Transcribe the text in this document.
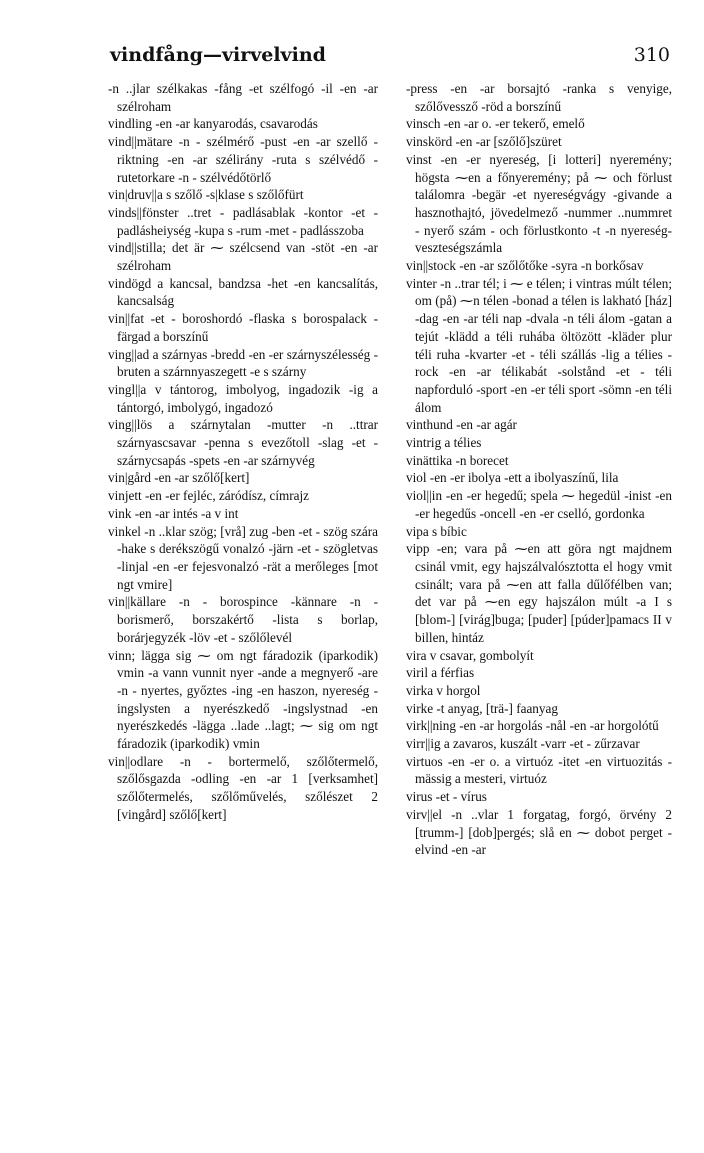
vindfång—virvelvind	310
-n ..jlar szélkakas -fång -et szélfogó -il -en -ar szélroham
vindling -en -ar kanyarodás, csavarodás
vind||mätare -n - szélmérő -pust -en -ar szellő -riktning -en -ar szélirány -ruta s szélvédő -rutetorkare -n - szélvédőtörlő
vin|druv||a s szőlő -s|klase s szőlőfürt
vinds||fönster ..tret - padlásablak -kontor -et - padlásheiység -kupa s -rum -met - padlásszoba
vind||stilla; det är ⁓ szélcsend van -stöt -en -ar szélroham
vindögd a kancsal, bandzsa -het -en kancsalítás, kancsalság
vin||fat -et - boroshordó -flaska s borospalack -färgad a borszínű
ving||ad a szárnyas -bredd -en -er szárnyszélesség -bruten a szárnnyaszegett -e s szárny
vingl||a v tántorog, imbolyog, ingadozik -ig a tántorgó, imbolygó, ingadozó
ving||lös a szárnytalan -mutter -n ..ttrar szárnyascsavar -penna s evezőtoll -slag -et - szárnycsapás -spets -en -ar szárnyvég
vin|gård -en -ar szőlő[kert]
vinjett -en -er fejléc, záródísz, címrajz
vink -en -ar intés -a v int
vinkel -n ..klar szög; [vrå] zug -ben -et - szög szára -hake s derékszögű vonalzó -järn -et - szögletvas -linjal -en -er fejesvonalzó -rät a merőleges [mot ngt vmire]
vin||källare -n - borospince -kännare -n - borismerő, borszakértő -lista s borlap, borárjegyzék -löv -et - szőlőlevél
vinn; lägga sig ⁓ om ngt fáradozik (iparkodik) vmin -a vann vunnit nyer -ande a megnyerő -are -n - nyertes, győztes -ing -en haszon, nyereség -ingslysten a nyerészkedő -ingslystnad -en nyerészkedés -lägga ..lade ..lagt; ⁓ sig om ngt fáradozik (iparkodik) vmin
vin||odlare -n - bortermelő, szőlőtermelő, szőlősgazda -odling -en -ar 1 [verksamhet] szőlőtermelés, szőlőművelés, szőlészet 2 [vingård] szőlő[kert]
-press -en -ar borsajtó -ranka s venyige, szőlővessző -röd a borszínű
vinsch -en -ar o. -er tekerő, emelő
vinskörd -en -ar [szőlő]szüret
vinst -en -er nyereség, [i lotteri] nyeremény; högsta ⁓en a főnyeremény; på ⁓ och förlust találomra -begär -et nyereségvágy -givande a hasznothajtó, jövedelmező -nummer ..nummret - nyerő szám - och förlustkonto -t -n nyereség-veszteségszámla
vin||stock -en -ar szőlőtőke -syra -n borkősav
vinter -n ..trar tél; i ⁓ e télen; i vintras múlt télen; om (på) ⁓n télen -bonad a télen is lakható [ház] -dag -en -ar téli nap -dvala -n téli álom -gatan a tejút -klädd a téli ruhába öltözött -kläder plur téli ruha -kvarter -et - téli szállás -lig a télies -rock -en -ar télikabát -solstånd -et - téli napforduló -sport -en -er téli sport -sömn -en téli álom
vinthund -en -ar agár
vintrig a télies
vinättika -n borecet
viol -en -er ibolya -ett a ibolyaszínű, lila
viol||in -en -er hegedű; spela ⁓ hegedül -inist -en -er hegedűs -oncell -en -er cselló, gordonka
vipa s bíbic
vipp -en; vara på ⁓en att göra ngt majdnem csinál vmit, egy hajszálvalósztotta el hogy vmit csinált; vara på ⁓en att falla dűlőfélben van; det var på ⁓en egy hajszálon múlt -a I s [blom-] [virág]buga; [puder] [púder]pamacs II v billen, hintáz
vira v csavar, gombolyít
viril a férfias
virka v horgol
virke -t anyag, [trä-] faanyag
virk||ning -en -ar horgolás -nål -en -ar horgolótű
virr||ig a zavaros, kuszált -varr -et - zűrzavar
virtuos -en -er o. a virtuóz -itet -en virtuozitás -mässig a mesteri, virtuóz
virus -et - vírus
virv||el -n ..vlar 1 forgatag, forgó, örvény 2 [trumm-] [dob]pergés; slå en ⁓ dobot perget -elvind -en -ar
